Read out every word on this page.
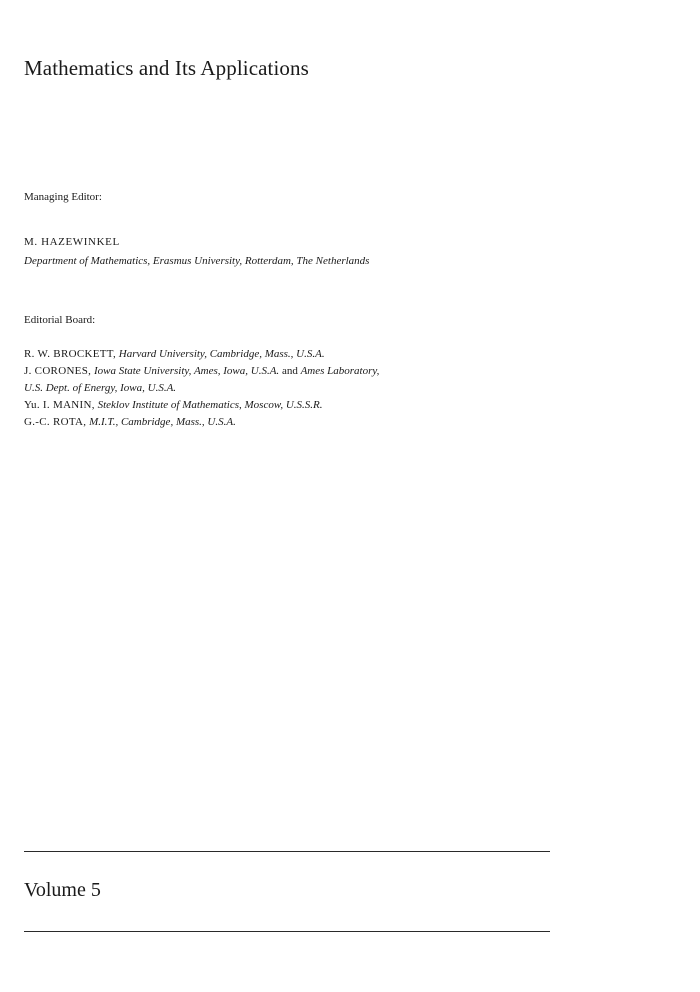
Mathematics and Its Applications
Managing Editor:
M. HAZEWINKEL
Department of Mathematics, Erasmus University, Rotterdam, The Netherlands
Editorial Board:
R. W. BROCKETT, Harvard University, Cambridge, Mass., U.S.A.
J. CORONES, Iowa State University, Ames, Iowa, U.S.A. and Ames Laboratory,
U.S. Dept. of Energy, Iowa, U.S.A.
Yu. I. MANIN, Steklov Institute of Mathematics, Moscow, U.S.S.R.
G.-C. ROTA, M.I.T., Cambridge, Mass., U.S.A.
Volume 5
